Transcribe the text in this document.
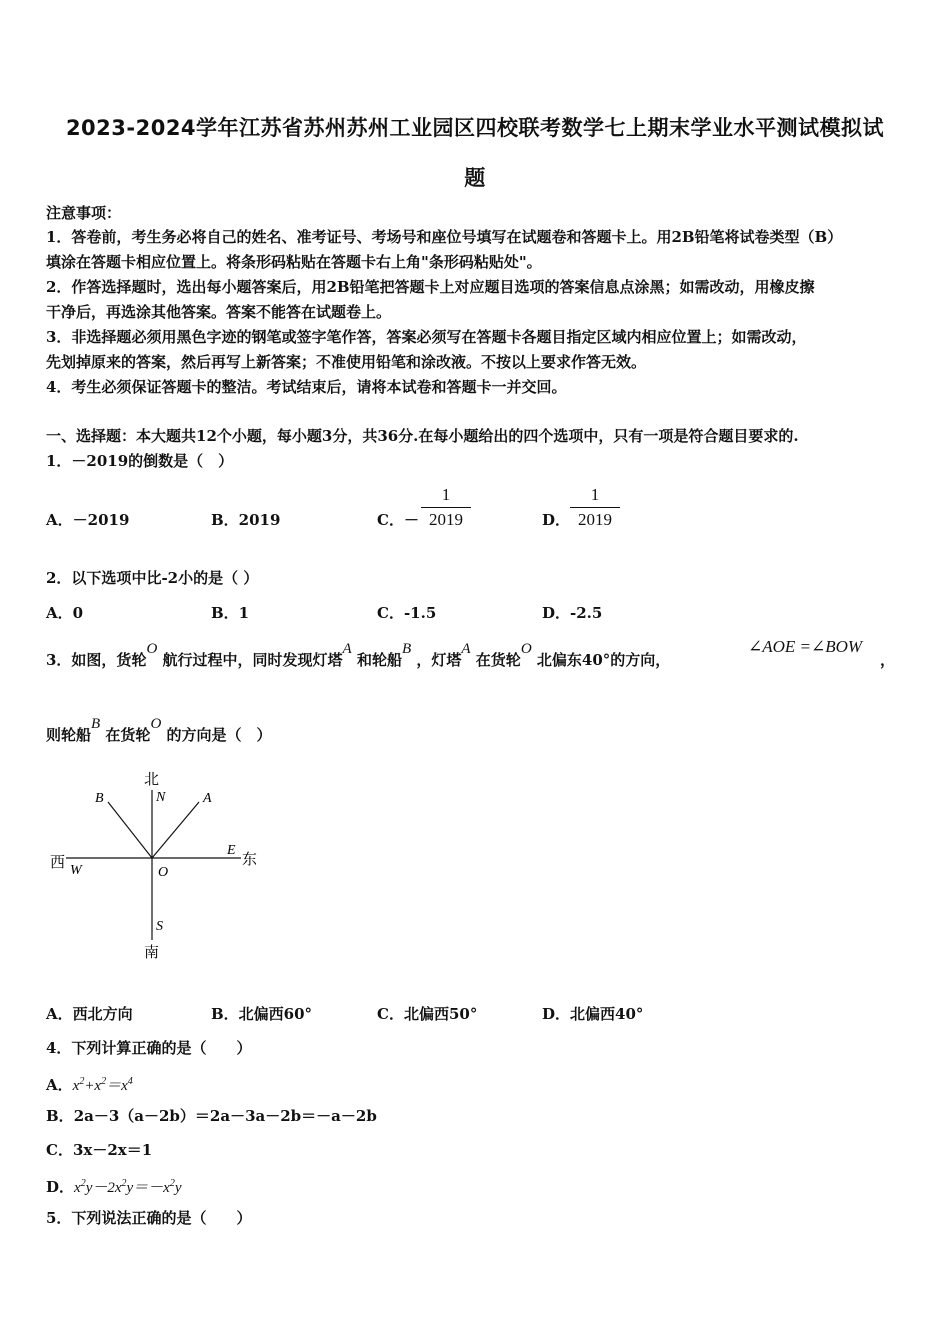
2023-2024学年江苏省苏州苏州工业园区四校联考数学七上期末学业水平测试模拟试
题
注意事项：
1．答卷前，考生务必将自己的姓名、准考证号、考场号和座位号填写在试题卷和答题卡上。用2B铅笔将试卷类型（B）
填涂在答题卡相应位置上。将条形码粘贴在答题卡右上角"条形码粘贴处"。
2．作答选择题时，选出每小题答案后，用2B铅笔把答题卡上对应题目选项的答案信息点涂黑；如需改动，用橡皮擦
干净后，再选涂其他答案。答案不能答在试题卷上。
3．非选择题必须用黑色字迹的钢笔或签字笔作答，答案必须写在答题卡各题目指定区域内相应位置上；如需改动，
先划掉原来的答案，然后再写上新答案；不准使用铅笔和涂改液。不按以上要求作答无效。
4．考生必须保证答题卡的整洁。考试结束后，请将本试卷和答题卡一并交回。
一、选择题：本大题共12个小题，每小题3分，共36分.在每小题给出的四个选项中，只有一项是符合题目要求的.
1．－2019的倒数是（　）
A．－2019	B．2019	C．－
1
2019	D．
1
2019
2．以下选项中比-2小的是（ ）
A．0	B．1	C．-1.5	D．-2.5
3．如图，货轮O 航行过程中，同时发现灯塔A 和轮船B ，灯塔A 在货轮O 北偏东40°的方向，
∠AOE =∠BOW
，
则轮船B 在货轮O 的方向是（　）
北
南
西	东
N
S
W
E
O
A
B
A．西北方向	B．北偏西60°	C．北偏西50°	D．北偏西40°
4．下列计算正确的是（　　）
A．$x^2+x^2=x^4$
B．2a－3（a－2b）＝2a－3a－2b＝－a－2b
C．3x－2x＝1
D．$x^2y-2x^2y=-x^2y$
5．下列说法正确的是（　　）
